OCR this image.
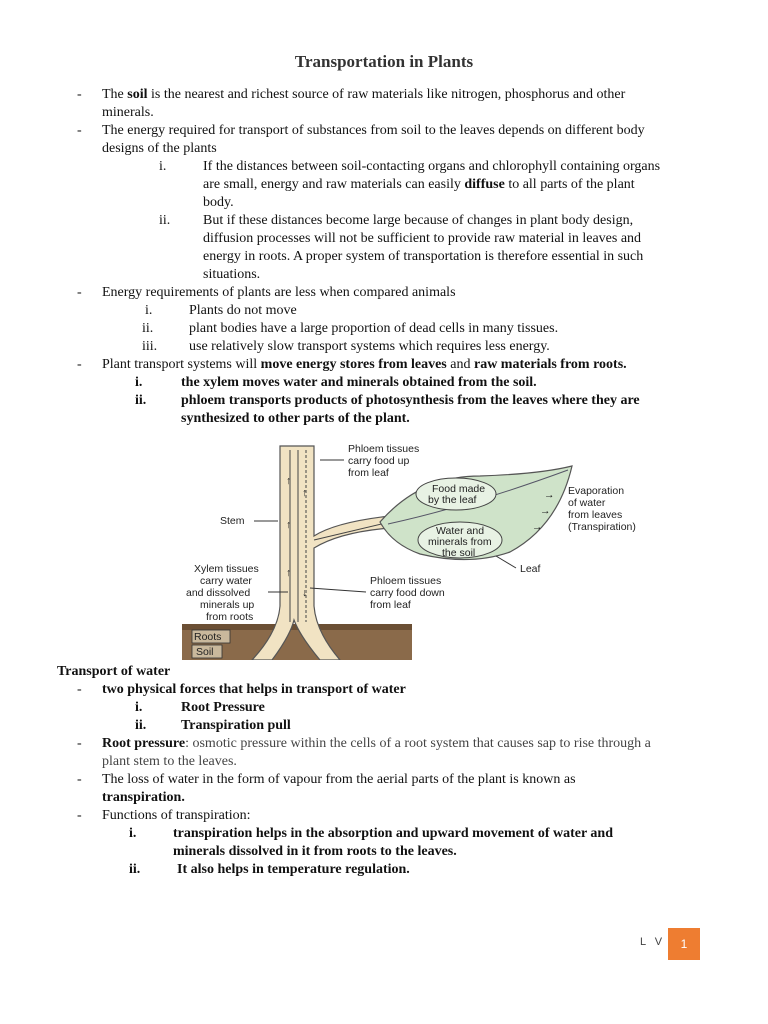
Transportation in Plants
- The soil is the nearest and richest source of raw materials like nitrogen, phosphorus and other
minerals.
- The energy required for transport of substances from soil to the leaves depends on different body
designs of the plants
i.	If the distances between soil-contacting organs and chlorophyll containing organs
are small, energy and raw materials can easily diffuse to all parts of the plant
body.
ii. But if these distances become large because of changes in plant body design,
diffusion processes will not be sufficient to provide raw material in leaves and
energy in roots. A proper system of transportation is therefore essential in such
situations.
- Energy requirements of plants are less when compared animals
i.	Plants do not move
ii.	plant bodies have a large proportion of dead cells in many tissues.
iii. use relatively slow transport systems which requires less energy.
- Plant transport systems will move energy stores from leaves and raw materials from roots.
i.	the xylem moves water and minerals obtained from the soil.
ii. phloem transports products of photosynthesis from the leaves where they are
synthesized to other parts of the plant.
↑
↑
↑
↑
↓
Phloem tissues
carry food up
from leaf
Food made
by the leaf
Evaporation
of water
from leaves
(Transpiration)
→
→
→
Stem
Water and
minerals from
the soil
Xylem tissues
carry water
and dissolved
minerals up
from roots
Phloem tissues
carry food down
from leaf
Leaf
Roots
Soil
Transport of water
- two physical forces that helps in transport of water
i.	Root Pressure
ii. Transpiration pull
- Root pressure: osmotic pressure within the cells of a root system that causes sap to rise through a
plant stem to the leaves.
- The loss of water in the form of vapour from the aerial parts of the plant is known as
transpiration.
- Functions of transpiration:
i.	transpiration helps in the absorption and upward movement of water and
minerals dissolved in it from roots to the leaves.
ii.	It also helps in temperature regulation.
L V	1
